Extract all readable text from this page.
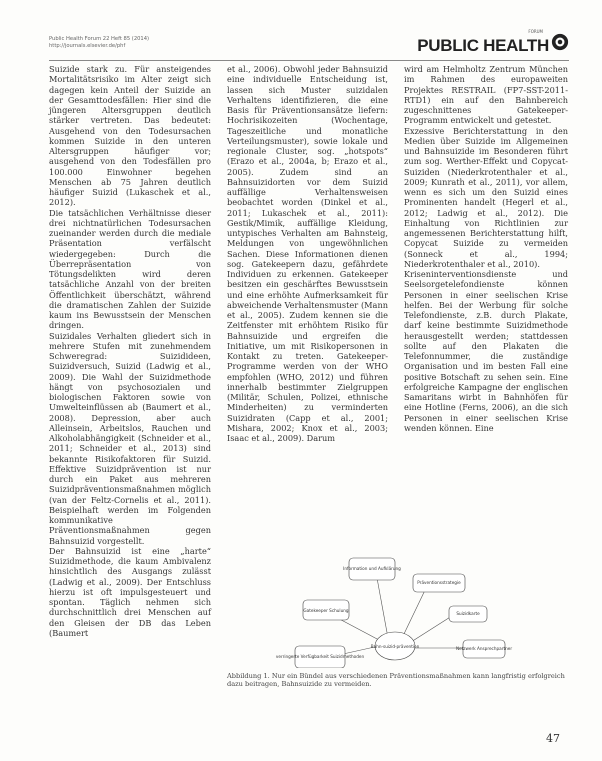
Public Health Forum 22 Heft 85 (2014)
http://journals.elsevier.de/phf
FORUM
PUBLIC HEALTH

Suizide stark zu. Für ansteigendes Mortalitätsrisiko im Alter zeigt sich dagegen kein Anteil der Suizide an der Gesamttodesfällen: Hier sind die jüngeren Altersgruppen deutlich stärker vertreten. Das bedeutet: Ausgehend von den Todesursachen kommen Suizide in den unteren Altersgruppen häufiger vor; ausgehend von den Todesfällen pro 100.000 Einwohner begehen Menschen ab 75 Jahren deutlich häufiger Suizid (Lukaschek et al., 2012).

Die tatsächlichen Verhältnisse dieser drei nichtnatürlichen Todesursachen zueinander werden durch die mediale Präsentation verfälscht wiedergegeben: Durch die Überrepräsentation von Tötungsdelikten wird deren tatsächliche Anzahl von der breiten Öffentlichkeit überschätzt, während die dramatischen Zahlen der Suizide kaum ins Bewusstsein der Menschen dringen.

Suizidales Verhalten gliedert sich in mehrere Stufen mit zunehmendem Schweregrad: Suizidideen, Suizidversuch, Suizid (Ladwig et al., 2009). Die Wahl der Suizidmethode hängt von psychosozialen und biologischen Faktoren sowie von Umwelteinflüssen ab (Baumert et al., 2008). Depression, aber auch Alleinsein, Arbeitslos, Rauchen und Alkoholabhängigkeit (Schneider et al., 2011; Schneider et al., 2013) sind bekannte Risikofaktoren für Suizid. Effektive Suizidprävention ist nur durch ein Paket aus mehreren Suizidpräventionsmaßnahmen möglich (van der Feltz-Cornelis et al., 2011). Beispielhaft werden im Folgenden kommunikative Präventionsmaßnahmen gegen Bahnsuizid vorgestellt.

Der Bahnsuizid ist eine „harte“ Suizidmethode, die kaum Ambivalenz hinsichtlich des Ausgangs zulässt (Ladwig et al., 2009). Der Entschluss hierzu ist oft impulsgesteuert und spontan. Täglich nehmen sich durchschnittlich drei Menschen auf den Gleisen der DB das Leben (Baumert

et al., 2006). Obwohl jeder Bahnsuizid eine individuelle Entscheidung ist, lassen sich Muster suizidalen Verhaltens identifizieren, die eine Basis für Präventionsansätze liefern: Hochrisikozeiten (Wochentage, Tageszeitliche und monatliche Verteilungsmuster), sowie lokale und regionale Cluster, sog. „hotspots“ (Erazo et al., 2004a, b; Erazo et al., 2005). Zudem sind an Bahnsuizidorten vor dem Suizid auffällige Verhaltensweisen beobachtet worden (Dinkel et al., 2011; Lukaschek et al., 2011): Gestik/Mimik, auffällige Kleidung, untypisches Verhalten am Bahnsteig, Meldungen von ungewöhnlichen Sachen. Diese Informationen dienen sog. Gatekeepern dazu, gefährdete Individuen zu erkennen. Gatekeeper besitzen ein geschärftes Bewusstsein und eine erhöhte Aufmerksamkeit für abweichende Verhaltensmuster (Mann et al., 2005). Zudem kennen sie die Zeitfenster mit erhöhtem Risiko für Bahnsuizide und ergreifen die Initiative, um mit Risikopersonen in Kontakt zu treten. Gatekeeper-Programme werden von der WHO empfohlen (WHO, 2012) und führen innerhalb bestimmter Zielgruppen (Militär, Schulen, Polizei, ethnische Minderheiten) zu verminderten Suizidraten (Capp et al., 2001; Mishara, 2002; Knox et al., 2003; Isaac et al., 2009). Darum

wird am Helmholtz Zentrum München im Rahmen des europaweiten Projektes RESTRAIL (FP7-SST-2011-RTD1) ein auf den Bahnbereich zugeschnittenes Gatekeeper-Programm entwickelt und getestet.

Exzessive Berichterstattung in den Medien über Suizide im Allgemeinen und Bahnsuizide im Besonderen führt zum sog. Werther-Effekt und Copycat-Suiziden (Niederkrotenthaler et al., 2009; Kunrath et al., 2011), vor allem, wenn es sich um den Suizid eines Prominenten handelt (Hegerl et al., 2012; Ladwig et al., 2012). Die Einhaltung von Richtlinien zur angemessenen Berichterstattung hilft, Copycat Suizide zu vermeiden (Sonneck et al., 1994; Niederkrotenthaler et al., 2010).

Kriseninterventionsdienste und Seelsorgetelefondienste können Personen in einer seelischen Krise helfen. Bei der Werbung für solche Telefondienste, z.B. durch Plakate, darf keine bestimmte Suizidmethode herausgestellt werden; stattdessen sollte auf den Plakaten die Telefonnummer, die zuständige Organisation und im besten Fall eine positive Botschaft zu sehen sein. Eine erfolgreiche Kampagne der englischen Samaritans wirbt in Bahnhöfen für eine Hotline (Ferns, 2006), an die sich Personen in einer seelischen Krise wenden können. Eine

Bahn-suizid-prävention
Information und Aufklärung
Präventionsstrategie
Gatekeeper Schulung
Suizidkarte
Netzwerk Ansprechpartner
verringerte Verfügbarkeit Suizidmethoden
Abbildung 1. Nur ein Bündel aus verschiedenen Präventionsmaßnahmen kann langfristig erfolgreich dazu beitragen, Bahnsuizide zu vermeiden.
47
